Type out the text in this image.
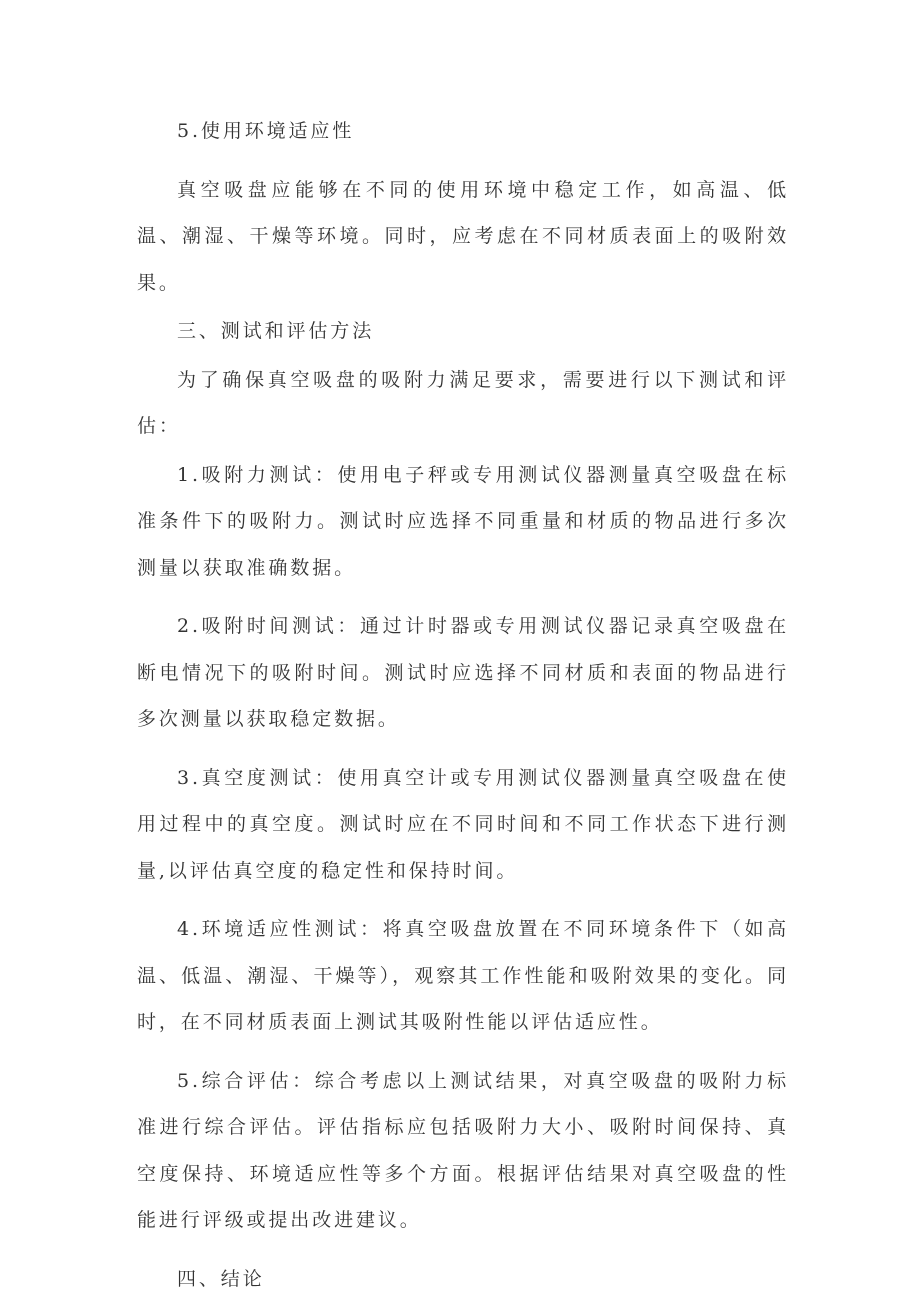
5.使用环境适应性

真空吸盘应能够在不同的使用环境中稳定工作，如高温、低温、潮湿、干燥等环境。同时，应考虑在不同材质表面上的吸附效果。

三、测试和评估方法

为了确保真空吸盘的吸附力满足要求，需要进行以下测试和评估：

1.吸附力测试：使用电子秤或专用测试仪器测量真空吸盘在标准条件下的吸附力。测试时应选择不同重量和材质的物品进行多次测量以获取准确数据。

2.吸附时间测试：通过计时器或专用测试仪器记录真空吸盘在断电情况下的吸附时间。测试时应选择不同材质和表面的物品进行多次测量以获取稳定数据。

3.真空度测试：使用真空计或专用测试仪器测量真空吸盘在使用过程中的真空度。测试时应在不同时间和不同工作状态下进行测量,以评估真空度的稳定性和保持时间。

4.环境适应性测试：将真空吸盘放置在不同环境条件下（如高温、低温、潮湿、干燥等），观察其工作性能和吸附效果的变化。同时，在不同材质表面上测试其吸附性能以评估适应性。

5.综合评估：综合考虑以上测试结果，对真空吸盘的吸附力标准进行综合评估。评估指标应包括吸附力大小、吸附时间保持、真空度保持、环境适应性等多个方面。根据评估结果对真空吸盘的性能进行评级或提出改进建议。

四、结论
